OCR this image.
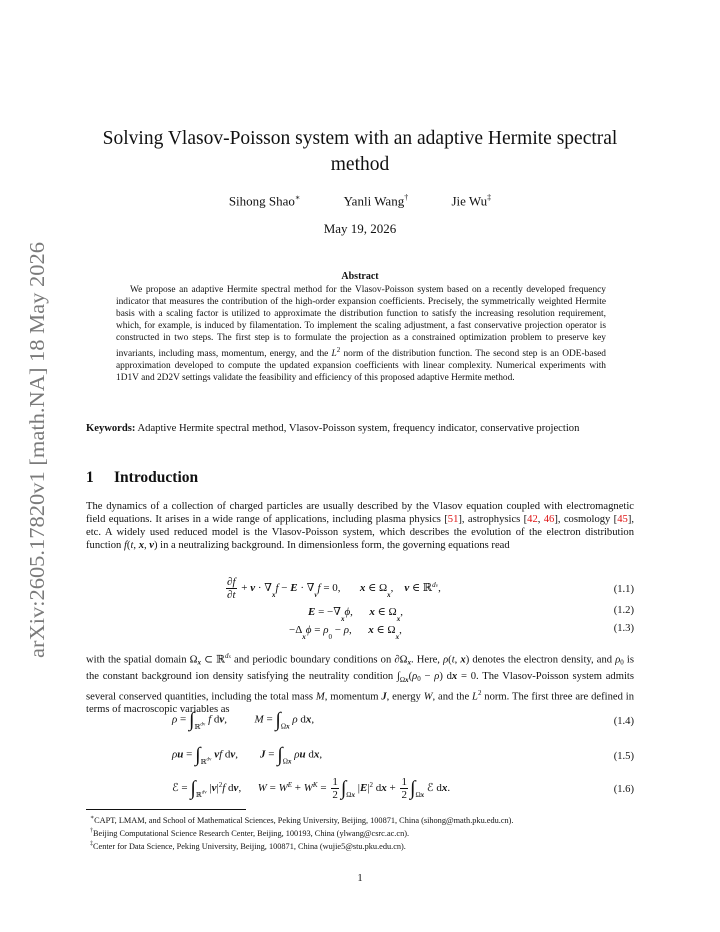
arXiv:2605.17820v1 [math.NA] 18 May 2026
Solving Vlasov-Poisson system with an adaptive Hermite spectral method
Sihong Shao∗	Yanli Wang†	Jie Wu‡
May 19, 2026
Abstract
We propose an adaptive Hermite spectral method for the Vlasov-Poisson system based on a recently developed frequency indicator that measures the contribution of the high-order expansion coefficients. Precisely, the symmetrically weighted Hermite basis with a scaling factor is utilized to approximate the distribution function to satisfy the increasing resolution requirement, which, for example, is induced by filamentation. To implement the scaling adjustment, a fast conservative projection operator is constructed in two steps. The first step is to formulate the projection as a constrained optimization problem to preserve key invariants, including mass, momentum, energy, and the $L^2$ norm of the distribution function. The second step is an ODE-based approximation developed to compute the updated expansion coefficients with linear complexity. Numerical experiments with 1D1V and 2D2V settings validate the feasibility and efficiency of this proposed adaptive Hermite method.
Keywords: Adaptive Hermite spectral method, Vlasov-Poisson system, frequency indicator, conservative projection
1 Introduction
The dynamics of a collection of charged particles are usually described by the Vlasov equation coupled with electromagnetic field equations. It arises in a wide range of applications, including plasma physics [51], astrophysics [42, 46], cosmology [45], etc. A widely used reduced model is the Vlasov-Poisson system, which describes the evolution of the electron distribution function f(t, x, v) in a neutralizing background. In dimensionless form, the governing equations read
$\frac{\partial f}{\partial t} + v \cdot \nabla_xf - E \cdot \nabla_vf = 0$,       x ∈ $\Omega_x$,    v ∈ ℝ$^{dv}$,	(1.1)
$E = -\nabla_x\phi$,      x ∈ $\Omega_x$,	(1.2)
$-\Delta_x\phi = \rho_0 - \rho$,      x ∈ $\Omega_x$,	(1.3)
with the spatial domain Ωx ⊂ ℝ$^{dx}$ and periodic boundary conditions on ∂Ωx. Here, ρ(t, x) denotes the electron density, and ρ0 is the constant background ion density satisfying the neutrality condition $\int_{\Omega x}(\rho 0 - \rho)$ dx = 0. The Vlasov-Poisson system admits several conserved quantities, including the total mass M, momentum J, energy W, and the $L^2$ norm. The first three are defined in terms of macroscopic variables as
$\rho = \int_{ℝ^{dv}}$ f dv,          $M = \int_{\Omega x}$ ρ dx,	(1.4)
$\rho u = \int_{ℝ^{dv}}$ vf dv,        $J = \int_{\Omega x}$ ρu dx,	(1.5)
ℰ = $\int_{ℝ^{dv}}$ $|v|^2f$ dv,      $W = W^E + W^K = \frac{1}{2} \int_{\Omega x}$ $|E|^2$ dx + $\frac{1}{2} \int_{\Omega x}$ ℰ dx.	(1.6)
∗CAPT, LMAM, and School of Mathematical Sciences, Peking University, Beijing, 100871, China (sihong@math.pku.edu.cn).
†Beijing Computational Science Research Center, Beijing, 100193, China (ylwang@csrc.ac.cn).
‡Center for Data Science, Peking University, Beijing, 100871, China (wujie5@stu.pku.edu.cn).
1
